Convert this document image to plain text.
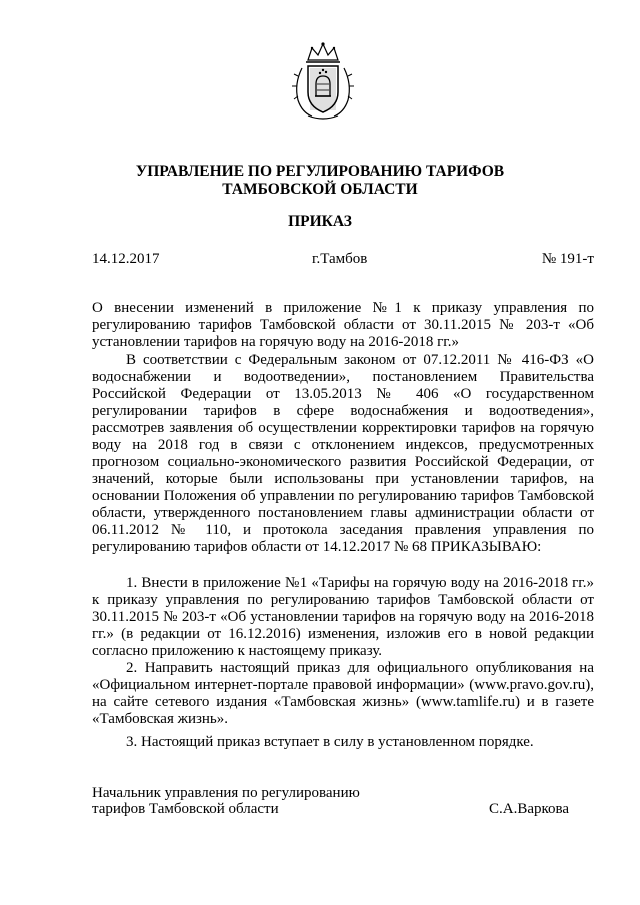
УПРАВЛЕНИЕ ПО РЕГУЛИРОВАНИЮ ТАРИФОВ
ТАМБОВСКОЙ ОБЛАСТИ
ПРИКАЗ
14.12.2017	г.Тамбов	№ 191-т
О внесении изменений в приложение №1 к приказу управления по регулированию тарифов Тамбовской области от 30.11.2015 № 203-т «Об установлении тарифов на горячую воду на 2016-2018 гг.»
В соответствии с Федеральным законом от 07.12.2011 № 416-ФЗ «О водоснабжении и водоотведении», постановлением Правительства Российской Федерации от 13.05.2013 № 406 «О государственном регулировании тарифов в сфере водоснабжения и водоотведения», рассмотрев заявления об осуществлении корректировки тарифов на горячую воду на 2018 год в связи с отклонением индексов, предусмотренных прогнозом социально-экономического развития Российской Федерации, от значений, которые были использованы при установлении тарифов, на основании Положения об управлении по регулированию тарифов Тамбовской области, утвержденного постановлением главы администрации области от 06.11.2012 № 110, и протокола заседания правления управления по регулированию тарифов области от 14.12.2017 № 68 ПРИКАЗЫВАЮ:
1. Внести в приложение №1 «Тарифы на горячую воду на 2016-2018 гг.» к приказу управления по регулированию тарифов Тамбовской области от 30.11.2015 № 203-т «Об установлении тарифов на горячую воду на 2016-2018 гг.» (в редакции от 16.12.2016) изменения, изложив его в новой редакции согласно приложению к настоящему приказу.
2. Направить настоящий приказ для официального опубликования на «Официальном интернет-портале правовой информации» (www.pravo.gov.ru), на сайте сетевого издания «Тамбовская жизнь» (www.tamlife.ru) и в газете «Тамбовская жизнь».
3. Настоящий приказ вступает в силу в установленном порядке.
Начальник управления по регулированию
тарифов Тамбовской области	С.А.Варкова
